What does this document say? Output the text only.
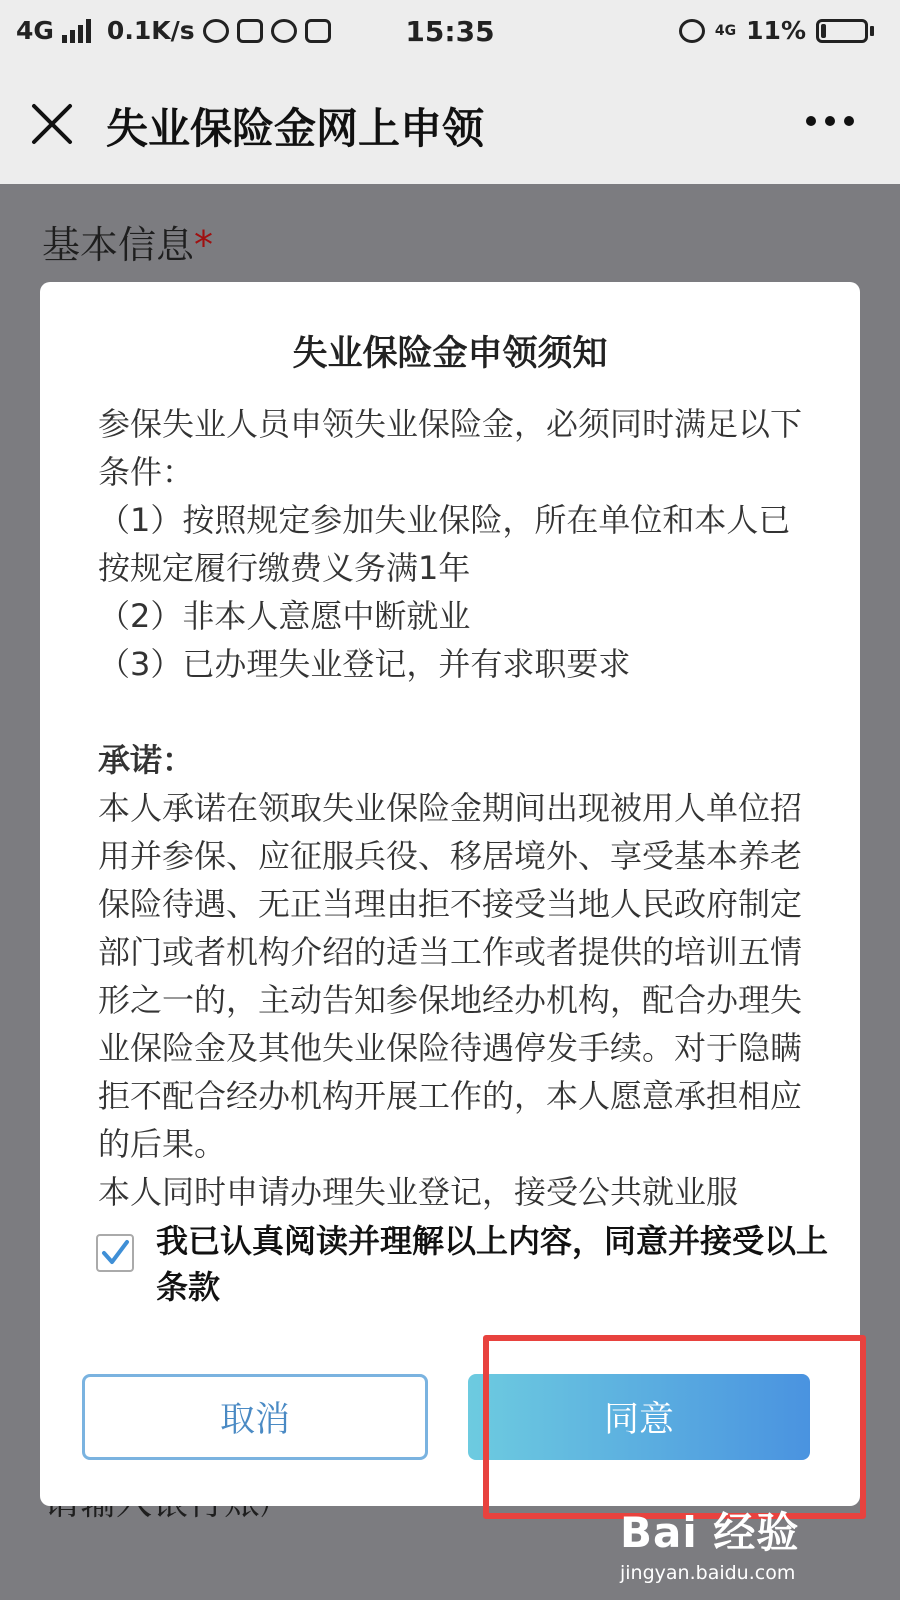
4G 0.1K/s	15:35	4G 11%
失业保险金网上申领
基本信息*
失业保险金申领须知

参保失业人员申领失业保险金，必须同时满足以下条件：

（1）按照规定参加失业保险，所在单位和本人已按规定履行缴费义务满1年

（2）非本人意愿中断就业

（3）已办理失业登记，并有求职要求

承诺：

本人承诺在领取失业保险金期间出现被用人单位招用并参保、应征服兵役、移居境外、享受基本养老保险待遇、无正当理由拒不接受当地人民政府制定部门或者机构介绍的适当工作或者提供的培训五情形之一的，主动告知参保地经办机构，配合办理失业保险金及其他失业保险待遇停发手续。对于隐瞒拒不配合经办机构开展工作的，本人愿意承担相应的后果。

本人同时申请办理失业登记，接受公共就业服

我已认真阅读并理解以上内容，同意并接受以上条款
取消	同意
Bai 经验
jingyan.baidu.com
